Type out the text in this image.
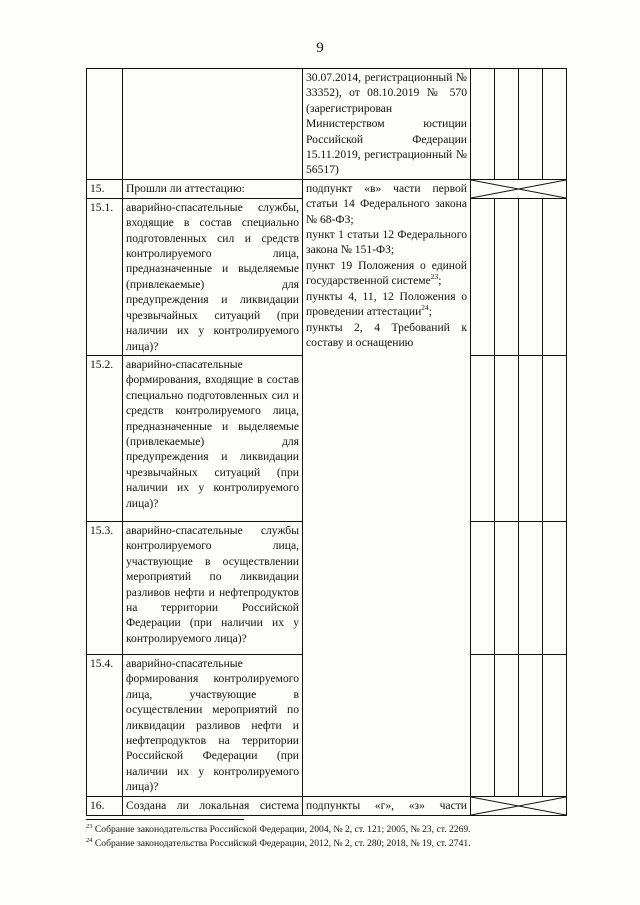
9

		30.07.2014, регистрационный № 33352), от 08.10.2019 № 570 (зарегистрирован Министерством юстиции Российской Федерации 15.11.2019, регистрационный № 56517)				

15.	Прошли ли аттестацию:	подпункт «в» части первой статьи 14 Федерального закона № 68-ФЗ;
пункт 1 статьи 12 Федерального закона № 151-ФЗ;
пункт 19 Положения о единой государственной системе$^{23}$;
пункты 4, 11, 12 Положения о проведении аттестации$^{24}$;
пункты 2, 4 Требований к составу и оснащению

15.1.	аварийно-спасательные службы, входящие в состав специально подготовленных сил и средств контролируемого лица, предназначенные и выделяемые (привлекаемые) для предупреждения и ликвидации чрезвычайных ситуаций (при наличии их у контролируемого лица)?					
15.2.	аварийно-спасательные формирования, входящие в состав специально подготовленных сил и средств контролируемого лица, предназначенные и выделяемые (привлекаемые) для предупреждения и ликвидации чрезвычайных ситуаций (при наличии их у контролируемого лица)?					
15.3.	аварийно-спасательные службы контролируемого лица, участвующие в осуществлении мероприятий по ликвидации разливов нефти и нефтепродуктов на территории Российской Федерации (при наличии их у контролируемого лица)?					
15.4.	аварийно-спасательные формирования контролируемого лица, участвующие в осуществлении мероприятий по ликвидации разливов нефти и нефтепродуктов на территории Российской Федерации (при наличии их у контролируемого лица)?					
16.	Создана ли локальная система	подпункты «г», «з» части

$^{23}$ Собрание законодательства Российской Федерации, 2004, № 2, ст. 121; 2005, № 23, ст. 2269.
$^{24}$ Собрание законодательства Российской Федерации, 2012, № 2, ст. 280; 2018, № 19, ст. 2741.
